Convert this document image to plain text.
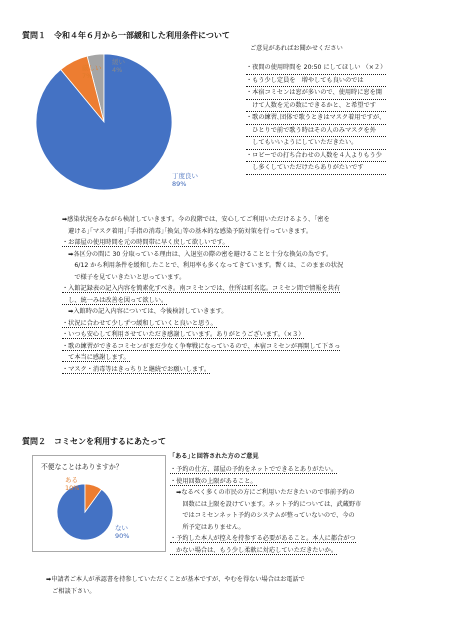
質問１　令和４年６月から一部緩和した利用条件について
厳しい
7%
緩い
4%
丁度良い
89%
ご意見があればお聞かせください
・夜間の使用時間を 20:50 にしてほしい （×２）
・もう少し定員を　増やしても良いのでは
・本宿コミセンは窓が多いので、使用時に窓を開
　けて人数を元の数にできるかと、と希望です
・歌の練習､団体で歌うときはマスク着用ですが、
　ひとりで前で歌う時はその人のみマスクを外
　してもいいようにしていただきたい。
・ロビーでの打ち合わせの人数を４人よりもう少
　し多くしていただけたらありがたいです
➡感染状況をみながら検討していきます。今の段階では、安心してご利用いただけるよう、｢密を
　避ける｣｢マスク着用｣｢手指の消毒｣｢換気｣等の基本的な感染予防対策を行っていきます。
・お部屋の使用時間を元の時間帯に早く戻して欲しいです。
　➡各区分の間に 30 分取っている理由は、入退室の際の密を避けることと十分な換気の為です。
　　6/12 から利用条件を緩和したことで、利用率も多くなってきています。暫くは、このままの状況
　　で様子を見ていきたいと思っています。
・入館記録表の記入内容を簡素化すべき。南コミセンでは、住所は町名迄。コミセン間で情報を共有
　し、統一みは改善を図って欲しい。
　➡入館時の記入内容については、今後検討していきます。
・状況に合わせて少しずつ緩和していくと良いと思う。
・いつも安心して利用させていただき感謝しています。ありがとうございます。（×３）
・歌の練習ができるコミセンがまだ少なく争奪戦になっているので、本宿コミセンが再開して下さっ
　て本当に感謝します。
・マスク・消毒等はきっちりと継続でお願いします。
質問２　コミセンを利用するにあたって
不便なことはありますか？
ある
10%
ない
90%
｢ある｣と回答された方のご意見
・予約の仕方、部屋の予約をネットでできるとありがたい。
・使用回数の上限があること。
　➡なるべく多くの市民の方にご利用いただきたいので事前予約の
　　回数には上限を設けています。ネット予約については、武蔵野市
　　ではコミセンネット予約のシステムが整っていないので、今の
　　所予定はありません。
・予約した本人が控えを持参する必要があること。本人に都合がつ
　かない場合は、もう少し柔軟に対応していただきたいか。
➡申請者ご本人が承認書を持参していただくことが基本ですが、やむを得ない場合はお電話で
　ご相談下さい。
